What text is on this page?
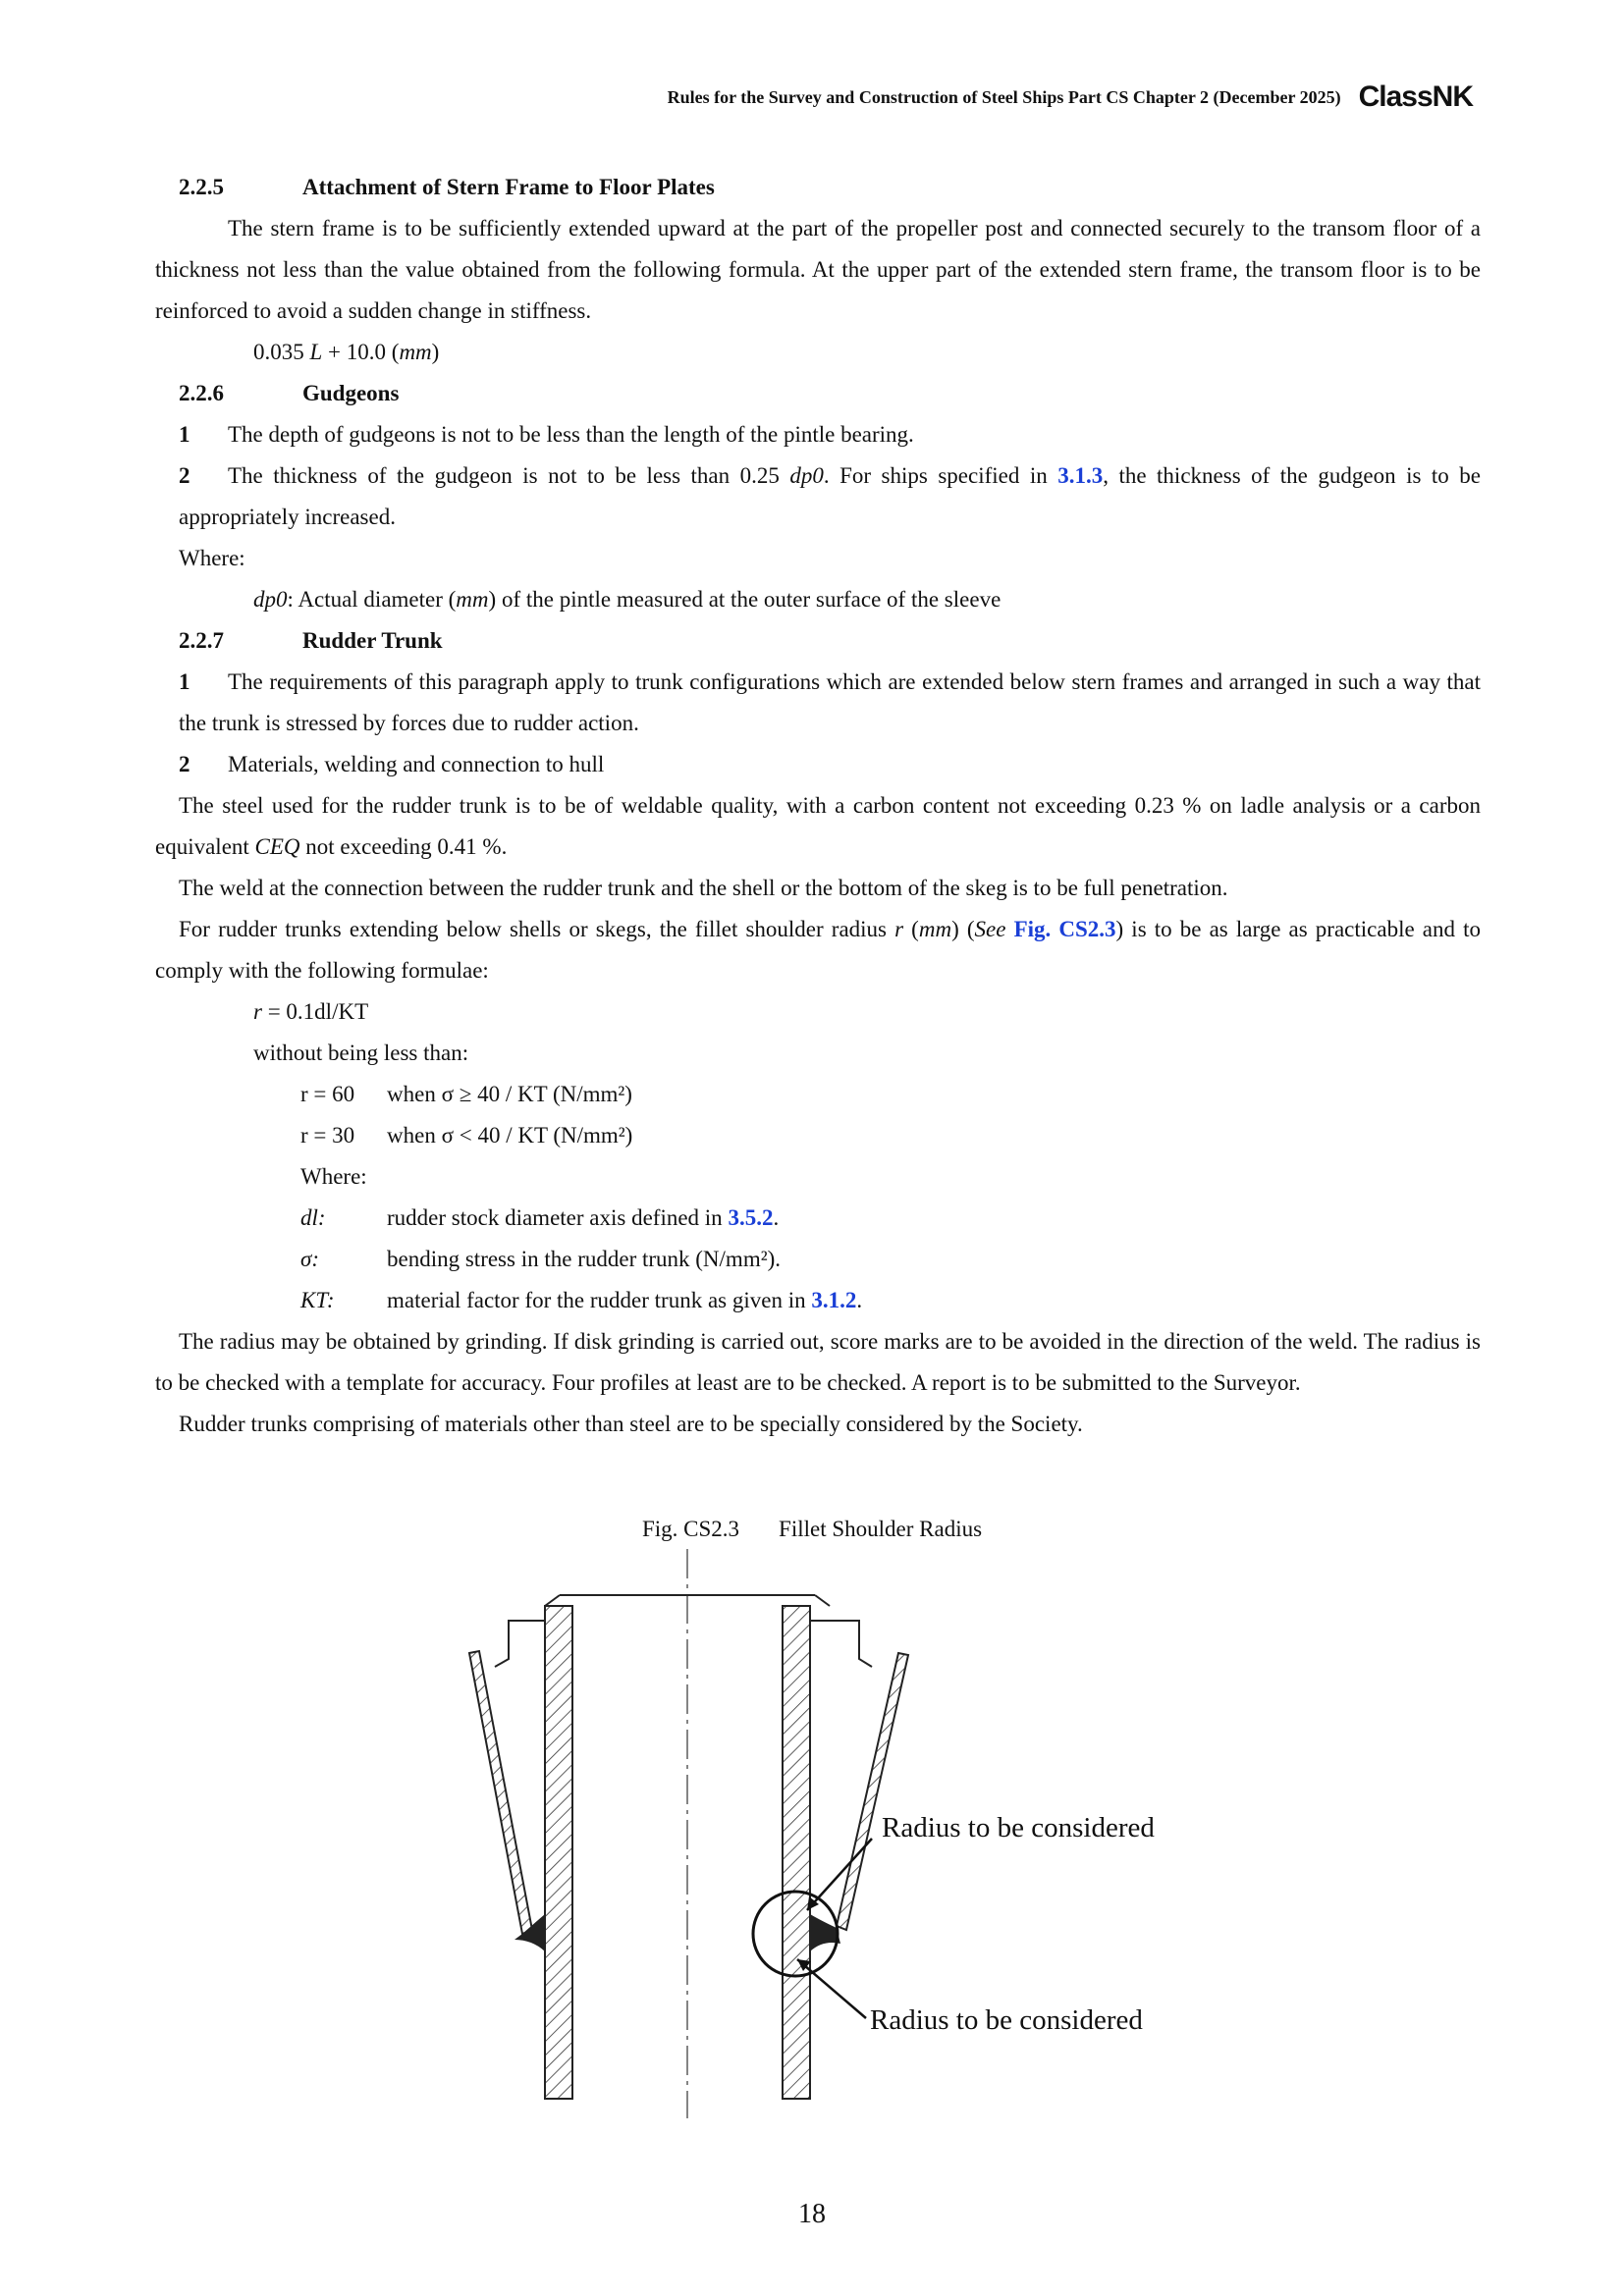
Rules for the Survey and Construction of Steel Ships Part CS Chapter 2 (December 2025) ClassNK

2.2.5	Attachment of Stern Frame to Floor Plates

The stern frame is to be sufficiently extended upward at the part of the propeller post and connected securely to the transom floor of a thickness not less than the value obtained from the following formula. At the upper part of the extended stern frame, the transom floor is to be reinforced to avoid a sudden change in stiffness.

0.035 L + 10.0 (mm)

2.2.6	Gudgeons

1 The depth of gudgeons is not to be less than the length of the pintle bearing.

2 The thickness of the gudgeon is not to be less than 0.25 dp0. For ships specified in 3.1.3, the thickness of the gudgeon is to be appropriately increased.

Where:

dp0: Actual diameter (mm) of the pintle measured at the outer surface of the sleeve

2.2.7	Rudder Trunk

1 The requirements of this paragraph apply to trunk configurations which are extended below stern frames and arranged in such a way that the trunk is stressed by forces due to rudder action.

2 Materials, welding and connection to hull

The steel used for the rudder trunk is to be of weldable quality, with a carbon content not exceeding 0.23 % on ladle analysis or a carbon equivalent CEQ not exceeding 0.41 %.

The weld at the connection between the rudder trunk and the shell or the bottom of the skeg is to be full penetration.

For rudder trunks extending below shells or skegs, the fillet shoulder radius r (mm) (See Fig. CS2.3) is to be as large as practicable and to comply with the following formulae:

r = 0.1dl/KT

without being less than:

r = 60 when σ ≥ 40 / KT (N/mm²)

r = 30 when σ < 40 / KT (N/mm²)

Where:

dl:	rudder stock diameter axis defined in 3.5.2.

σ:	bending stress in the rudder trunk (N/mm²).

KT: material factor for the rudder trunk as given in 3.1.2.

The radius may be obtained by grinding. If disk grinding is carried out, score marks are to be avoided in the direction of the weld. The radius is to be checked with a template for accuracy. Four profiles at least are to be checked. A report is to be submitted to the Surveyor.

Rudder trunks comprising of materials other than steel are to be specially considered by the Society.

Fig. CS2.3 Fillet Shoulder Radius
Radius to be considered
Radius to be considered
18
